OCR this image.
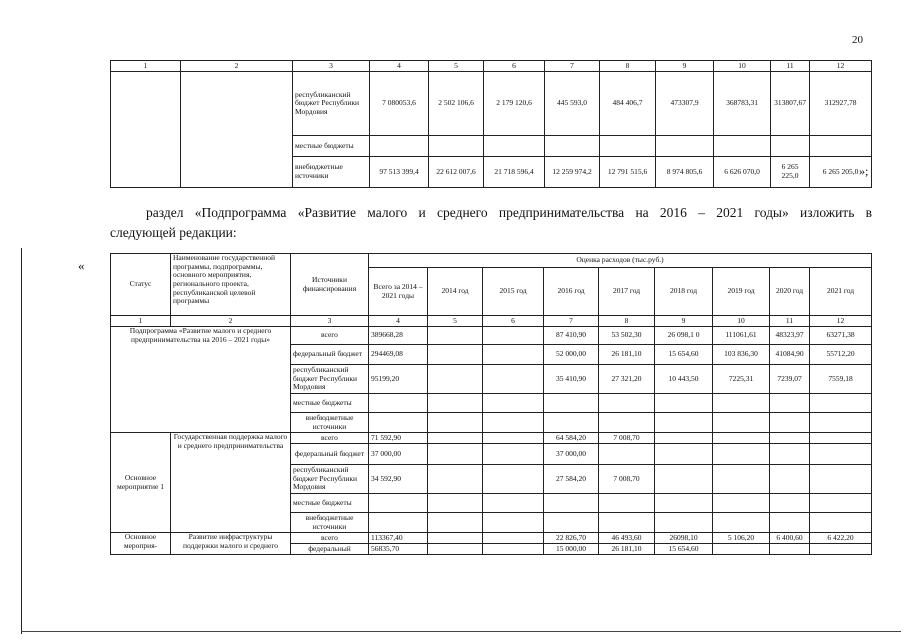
20
1	2	3	4	5	6	7	8	9	10	11	12
		республиканский бюджет Республики Мордовия	7 080053,6	2 502 106,6	2 179 120,6	445 593,0	484 406,7	473307,9	368783,31	313807,67	312927,78
		местные бюджеты									
		внебюджетные источники	97 513 399,4	22 612 007,6	21 718 596,4	12 259 974,2	12 791 515,6	8 974 805,6	6 626 070,0	6 265 225,0	6 265 205,0 »;
раздел «Подпрограмма «Развитие малого и среднего предпринимательства на 2016 – 2021 годы» изложить в
следующей редакции:
«
Статус	Наименование государственной программы, подпрограммы, основного мероприятия, регионального проекта, республиканской целевой программы	Источники финансирования	Оценка расходов (тыс.руб.)								
			Всего за 2014 – 2021 годы	2014 год	2015 год	2016 год	2017 год	2018 год	2019 год	2020 год	2021 год
1	2	3	4	5	6	7	8	9	10	11	12
Подпрограмма «Развитие малого и среднего предпринимательства на 2016 – 2021 годы»		всего	389668,28			87 410,90	53 502,30	26 098,1 0	111061,61	48323,97	63271,38
		федеральный бюджет	294469,08			52 000,00	26 181,10	15 654,60	103 836,30	41084,90	55712,20
		республиканский бюджет Республики Мордовия	95199,20			35 410,90	27 321,20	10 443,50	7225,31	7239,07	7559,18
		местные бюджеты									
		внебюджетные источники									
Основное мероприятие 1	Государственная поддержка малого и среднего предпринимательства	всего	71 592,90			64 584,20	7 008,70				
		федеральный бюджет	37 000,00			37 000,00					
		республиканский бюджет Республики Мордовия	34 592,90			27 584,20	7 008,70				
		местные бюджеты									
		внебюджетные источники									
Основное мероприя-	Развитие инфраструктуры поддержки малого и среднего	всего	113367,40			22 826,70	46 493,60	26098,10	5 106,20	6 400,60	6 422,20
		федеральный	56835,70			15 000,00	26 181,10	15 654,60			
